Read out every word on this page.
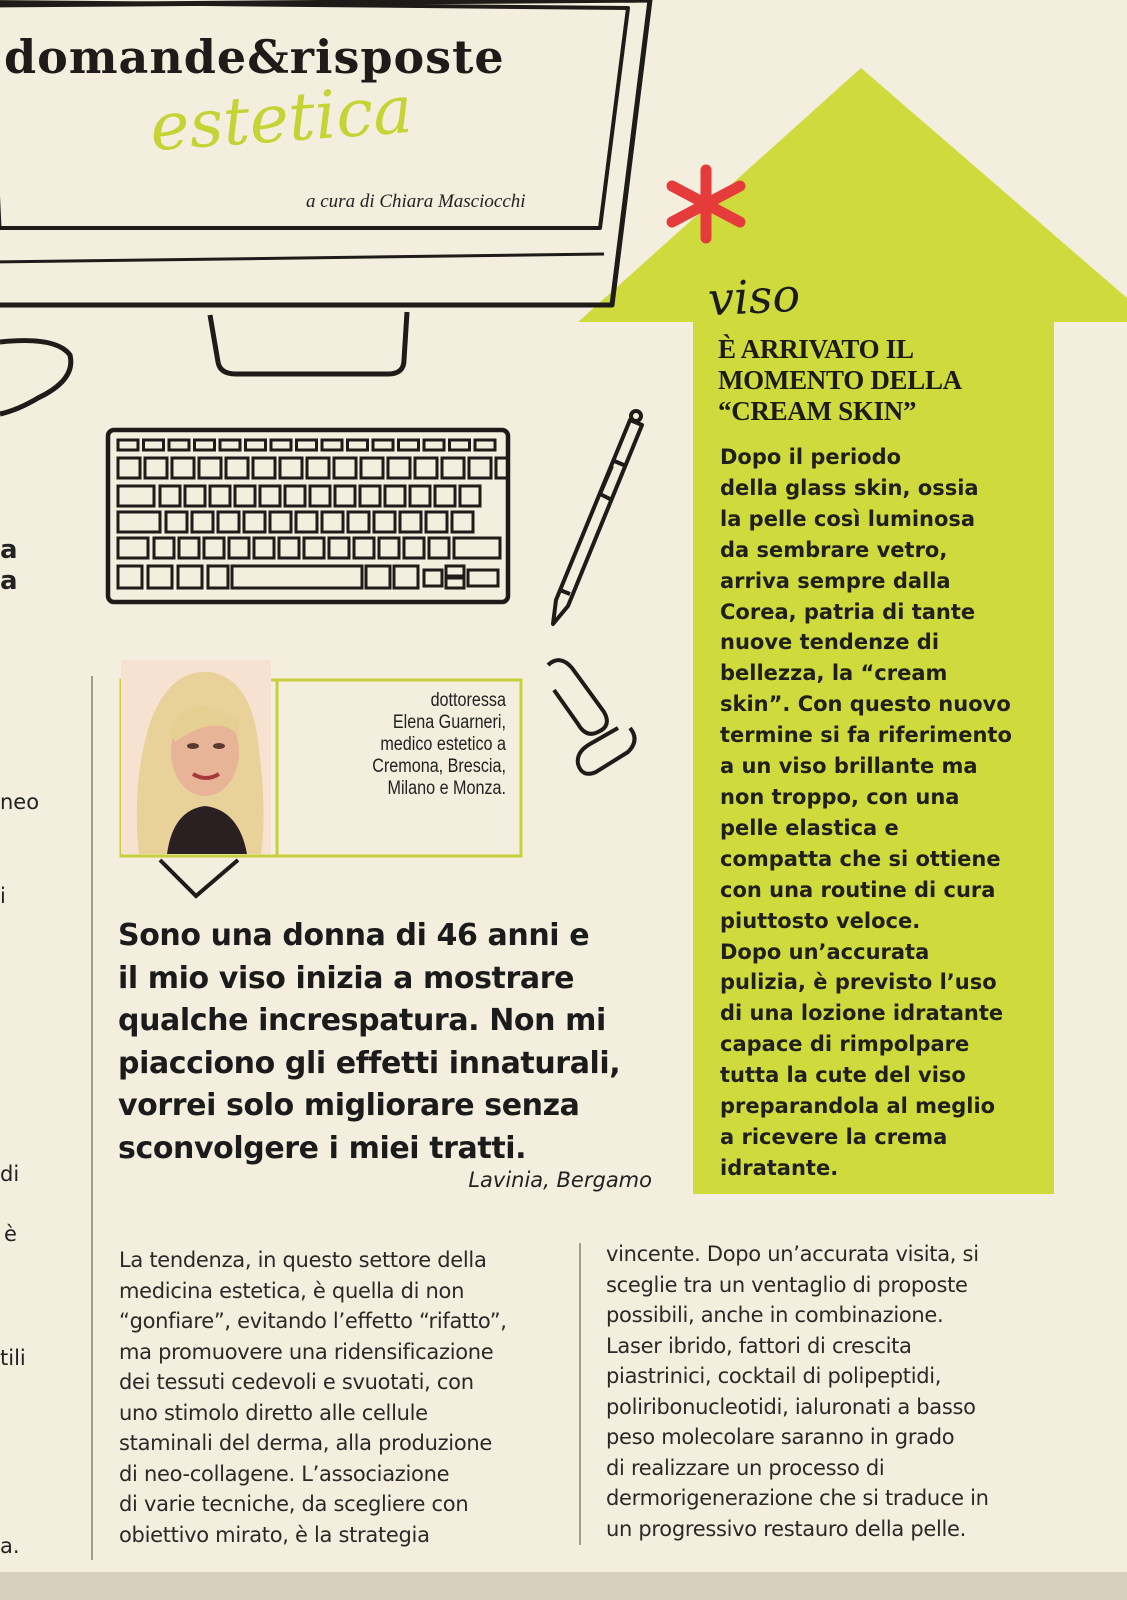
domande&risposte
estetica
a cura di Chiara Masciocchi
viso
È ARRIVATO IL MOMENTO DELLA “CREAM SKIN”
Dopo il periodo
della glass skin, ossia
la pelle così luminosa
da sembrare vetro,
arriva sempre dalla
Corea, patria di tante
nuove tendenze di
bellezza, la “cream
skin”. Con questo nuovo
termine si fa riferimento
a un viso brillante ma
non troppo, con una
pelle elastica e
compatta che si ottiene
con una routine di cura
piuttosto veloce.
Dopo un’accurata
pulizia, è previsto l’uso
di una lozione idratante
capace di rimpolpare
tutta la cute del viso
preparandola al meglio
a ricevere la crema
idratante.
dottoressa
Elena Guarneri,
medico estetico a
Cremona, Brescia,
Milano e Monza.
Sono una donna di 46 anni e
il mio viso inizia a mostrare
qualche increspatura. Non mi
piacciono gli effetti innaturali,
vorrei solo migliorare senza
sconvolgere i miei tratti.
Lavinia, Bergamo
La tendenza, in questo settore della
medicina estetica, è quella di non
“gonfiare”, evitando l’effetto “rifatto”,
ma promuovere una ridensificazione
dei tessuti cedevoli e svuotati, con
uno stimolo diretto alle cellule
staminali del derma, alla produzione
di neo-collagene. L’associazione
di varie tecniche, da scegliere con
obiettivo mirato, è la strategia
vincente. Dopo un’accurata visita, si
sceglie tra un ventaglio di proposte
possibili, anche in combinazione.
Laser ibrido, fattori di crescita
piastrinici, cocktail di polipeptidi,
poliribonucleotidi, ialuronati a basso
peso molecolare saranno in grado
di realizzare un processo di
dermorigenerazione che si traduce in
un progressivo restauro della pelle.
a
a
neo
i
di
è
tili
a.
